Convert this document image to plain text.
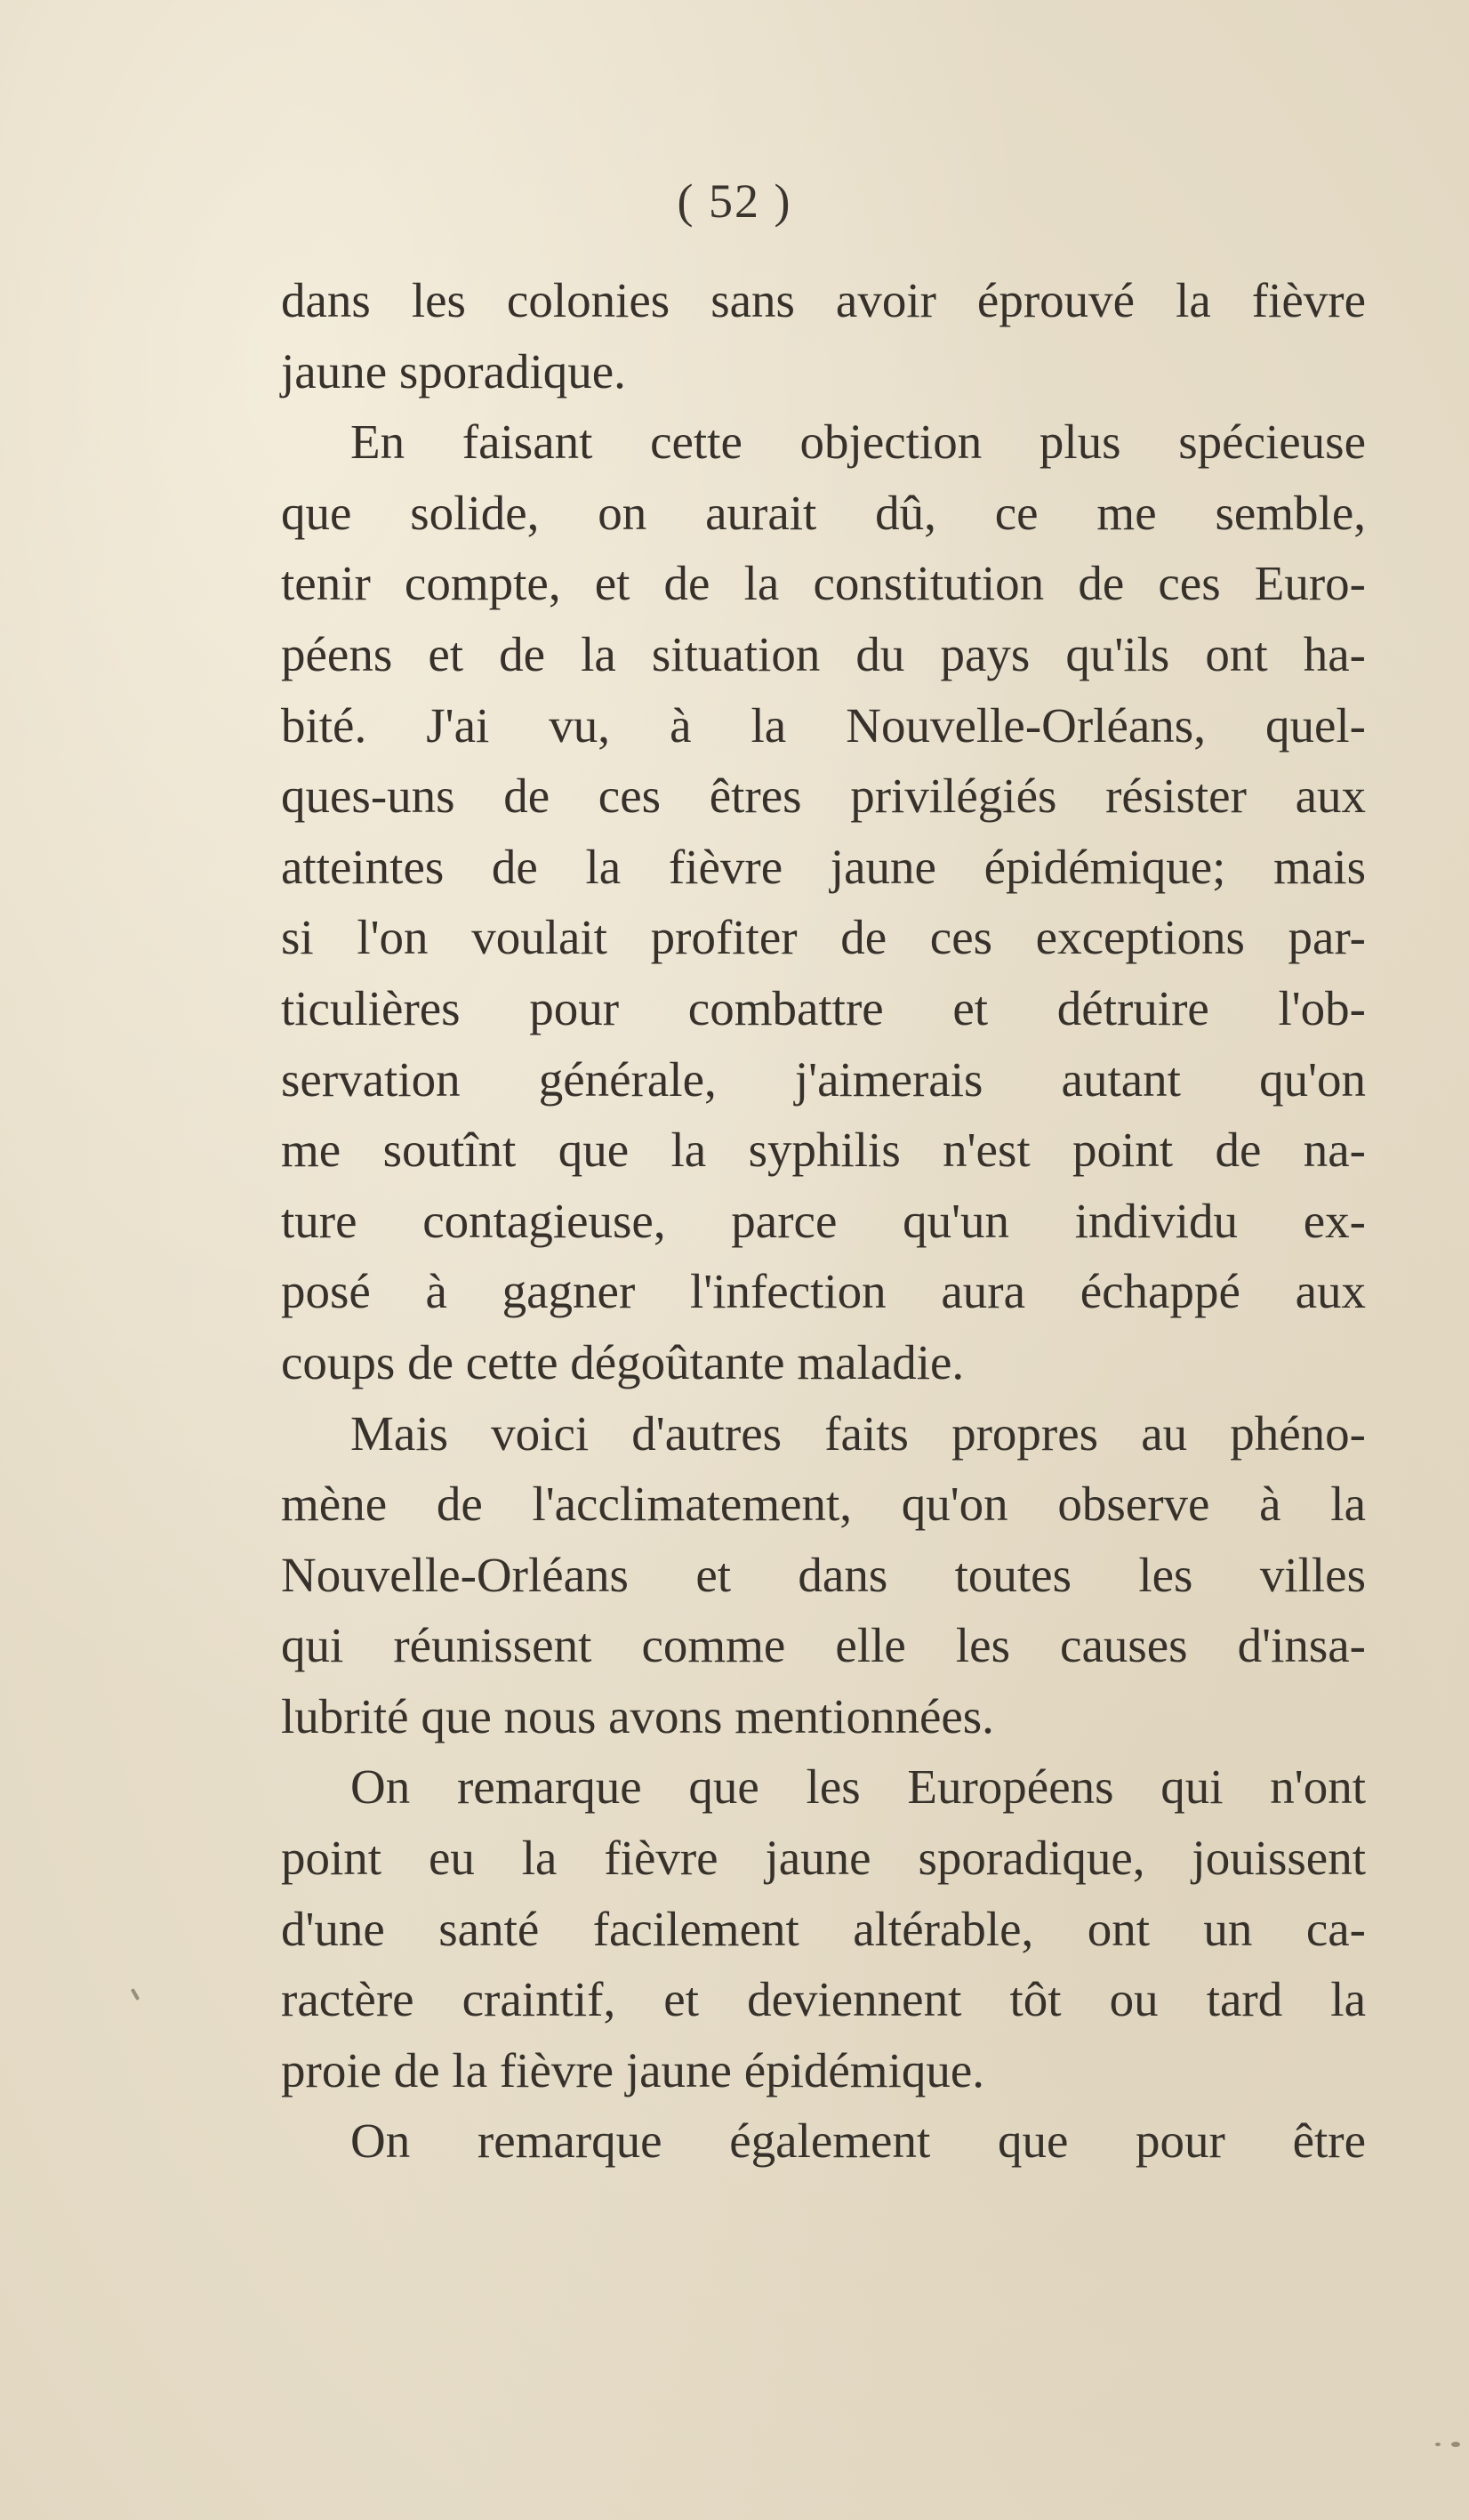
( 52 )
dans les colonies sans avoir éprouvé la fièvre
jaune sporadique.
En faisant cette objection plus spécieuse
que solide, on aurait dû, ce me semble,
tenir compte, et de la constitution de ces Euro-
péens et de la situation du pays qu'ils ont ha-
bité. J'ai vu, à la Nouvelle-Orléans, quel-
ques-uns de ces êtres privilégiés résister aux
atteintes de la fièvre jaune épidémique; mais
si l'on voulait profiter de ces exceptions par-
ticulières pour combattre et détruire l'ob-
servation générale, j'aimerais autant qu'on
me soutînt que la syphilis n'est point de na-
ture contagieuse, parce qu'un individu ex-
posé à gagner l'infection aura échappé aux
coups de cette dégoûtante maladie.
Mais voici d'autres faits propres au phéno-
mène de l'acclimatement, qu'on observe à la
Nouvelle-Orléans et dans toutes les villes
qui réunissent comme elle les causes d'insa-
lubrité que nous avons mentionnées.
On remarque que les Européens qui n'ont
point eu la fièvre jaune sporadique, jouissent
d'une santé facilement altérable, ont un ca-
ractère craintif, et deviennent tôt ou tard la
proie de la fièvre jaune épidémique.
On remarque également que pour être
